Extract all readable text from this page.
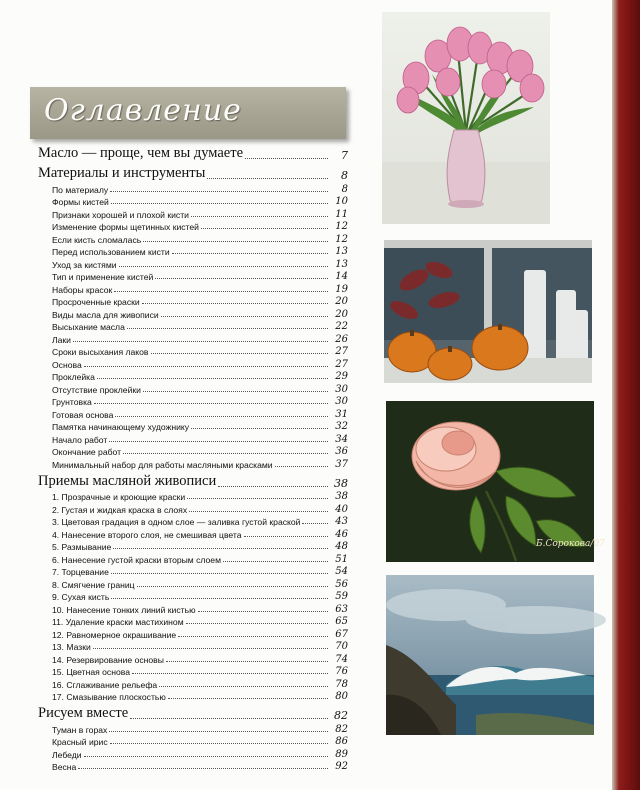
Оглавление
Масло — проще, чем вы думаете	7
Материалы и инструменты	8
По материалу	8
Формы кистей	10
Признаки хорошей и плохой кисти	11
Изменение формы щетинных кистей	12
Если кисть сломалась	12
Перед использованием кисти	13
Уход за кистями	13
Тип и применение кистей	14
Наборы красок	19
Просроченные краски	20
Виды масла для живописи	20
Высыхание масла	22
Лаки	26
Сроки высыхания лаков	27
Основа	27
Проклейка	29
Отсутствие проклейки	30
Грунтовка	30
Готовая основа	31
Памятка начинающему художнику	32
Начало работ	34
Окончание работ	36
Минимальный набор для работы масляными красками	37
Приемы масляной живописи	38
1. Прозрачные и кроющие краски	38
2. Густая и жидкая краска в слоях	40
3. Цветовая градация в одном слое — заливка густой краской	43
4. Нанесение второго слоя, не смешивая цвета	46
5. Размывание	48
6. Нанесение густой краски вторым слоем	51
7. Торцевание	54
8. Смягчение границ	56
9. Сухая кисть	59
10. Нанесение тонких линий кистью	63
11. Удаление краски мастихином	65
12. Равномерное окрашивание	67
13. Мазки	70
14. Резервирование основы	74
15. Цветная основа	76
16. Сглаживание рельефа	78
17. Смазывание плоскостью	80
Рисуем вместе	82
Туман в горах	82
Красный ирис	86
Лебеди	89
Весна	92
Б.Сорокова/07
